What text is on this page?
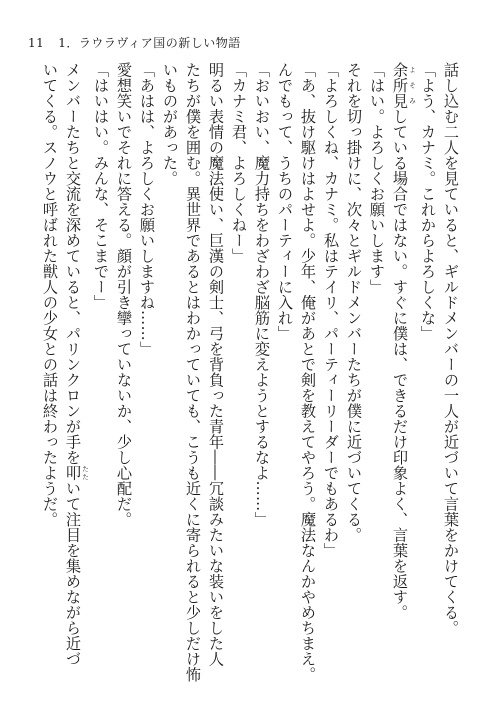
11 1．ラウラヴィア国の新しい物語
話し込む二人を見ていると、ギルドメンバーの一人が近づいて言葉をかけてくる。
「よう、カナミ。これからよろしくな」
余所見 よそみしている場合ではない。すぐに僕は、できるだけ印象よく、言葉を返す。
「はい。よろしくお願いします」
それを切っ掛けに、次々とギルドメンバーたちが僕に近づいてくる。
「よろしくね、カナミ。私はテイリ、パーティーリーダーでもあるわ」
「あ、抜け駆けはよせよ。少年、俺があとで剣を教えてやろう。魔法なんかやめちまえ。
んでもって、うちのパーティーに入れ」
「おいおい、魔力持ちをわざわざ脳筋に変えようとするなよ……」
「カナミ君、よろしくねー」
明るい表情の魔法使い、巨漢の剣士、弓を背負った青年――冗談みたいな装いをした人
たちが僕を囲む。異世界であるとはわかっていても、こうも近くに寄られると少しだけ怖
いものがあった。
「あはは、よろしくお願いしますね……」
愛想笑いでそれに答える。顔が引き攣っていないか、少し心配だ。
「はいはい。みんな、そこまでー」
メンバーたちと交流を深めていると、パリンクロンが手を叩 たたいて注目を集めながら近づ
いてくる。スノウと呼ばれた獣人の少女との話は終わったようだ。
